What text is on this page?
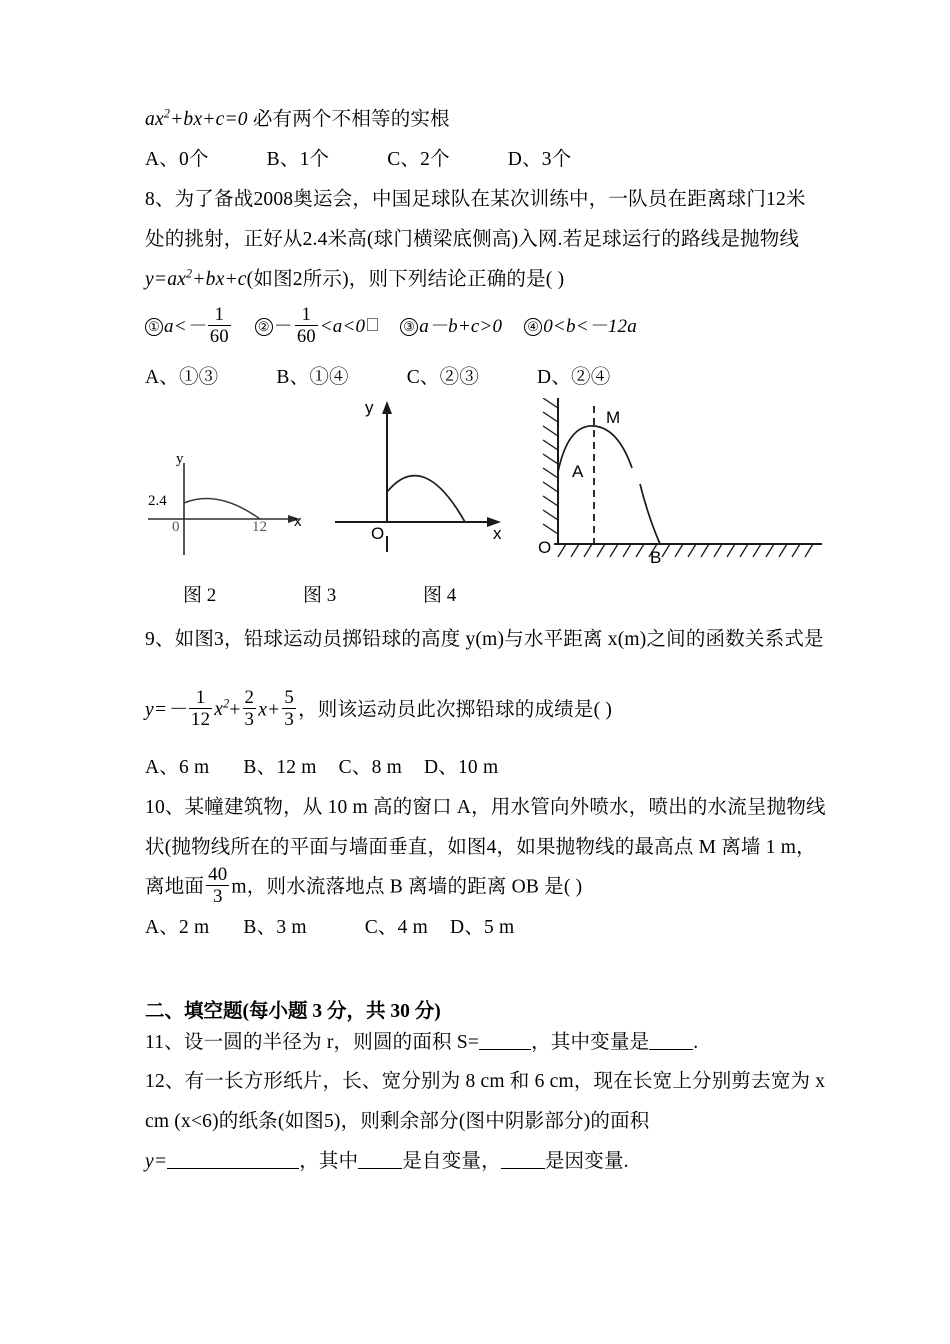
$ax^2+bx+c=0$ 必有两个不相等的实根
A、0个	B、1个	C、2个	D、3个
8、为了备战2008奥运会，中国足球队在某次训练中，一队员在距离球门12米
处的挑射，正好从2.4米高(球门横梁底侧高)入网.若足球运行的路线是抛物线
$y=ax^2+bx+c$(如图2所示)，则下列结论正确的是( )
① $a<- \frac{1}{60}$ ② － $\frac{1}{60} <a<0$	③ a－b+c>0 ④ 0<b<－12a
A、①③	B、①④	C、②③	D、②④
y
2.4
0	12 x
y
O	x
M
A
O
B
图 2	图 3	图 4
9、如图3，铅球运动员掷铅球的高度 y(m)与水平距离 x(m)之间的函数关系式是
$y=- \frac{1}{12} x^2+ \frac{2}{3} x+ \frac{5}{3}$ ，则该运动员此次掷铅球的成绩是( )
A、6 m B、12 m C、8 m D、10 m
10、某幢建筑物，从 10 m 高的窗口 A，用水管向外喷水，喷出的水流呈抛物线
状(抛物线所在的平面与墙面垂直，如图4，如果抛物线的最高点 M 离墙 1 m，
离地面 $\frac{40}{3}$ m，则水流落地点 B 离墙的距离 OB 是( )
A、2 m B、3 m	C、4 m D、5 m
二、填空题(每小题 3 分，共 30 分)
11、设一圆的半径为 r，则圆的面积 S=	，其中变量是 .
12、有一长方形纸片，长、宽分别为 8 cm 和 6 cm，现在长宽上分别剪去宽为 x
cm (x<6)的纸条(如图5)，则剩余部分(图中阴影部分)的面积
y=	，其中 是自变量， 是因变量.
